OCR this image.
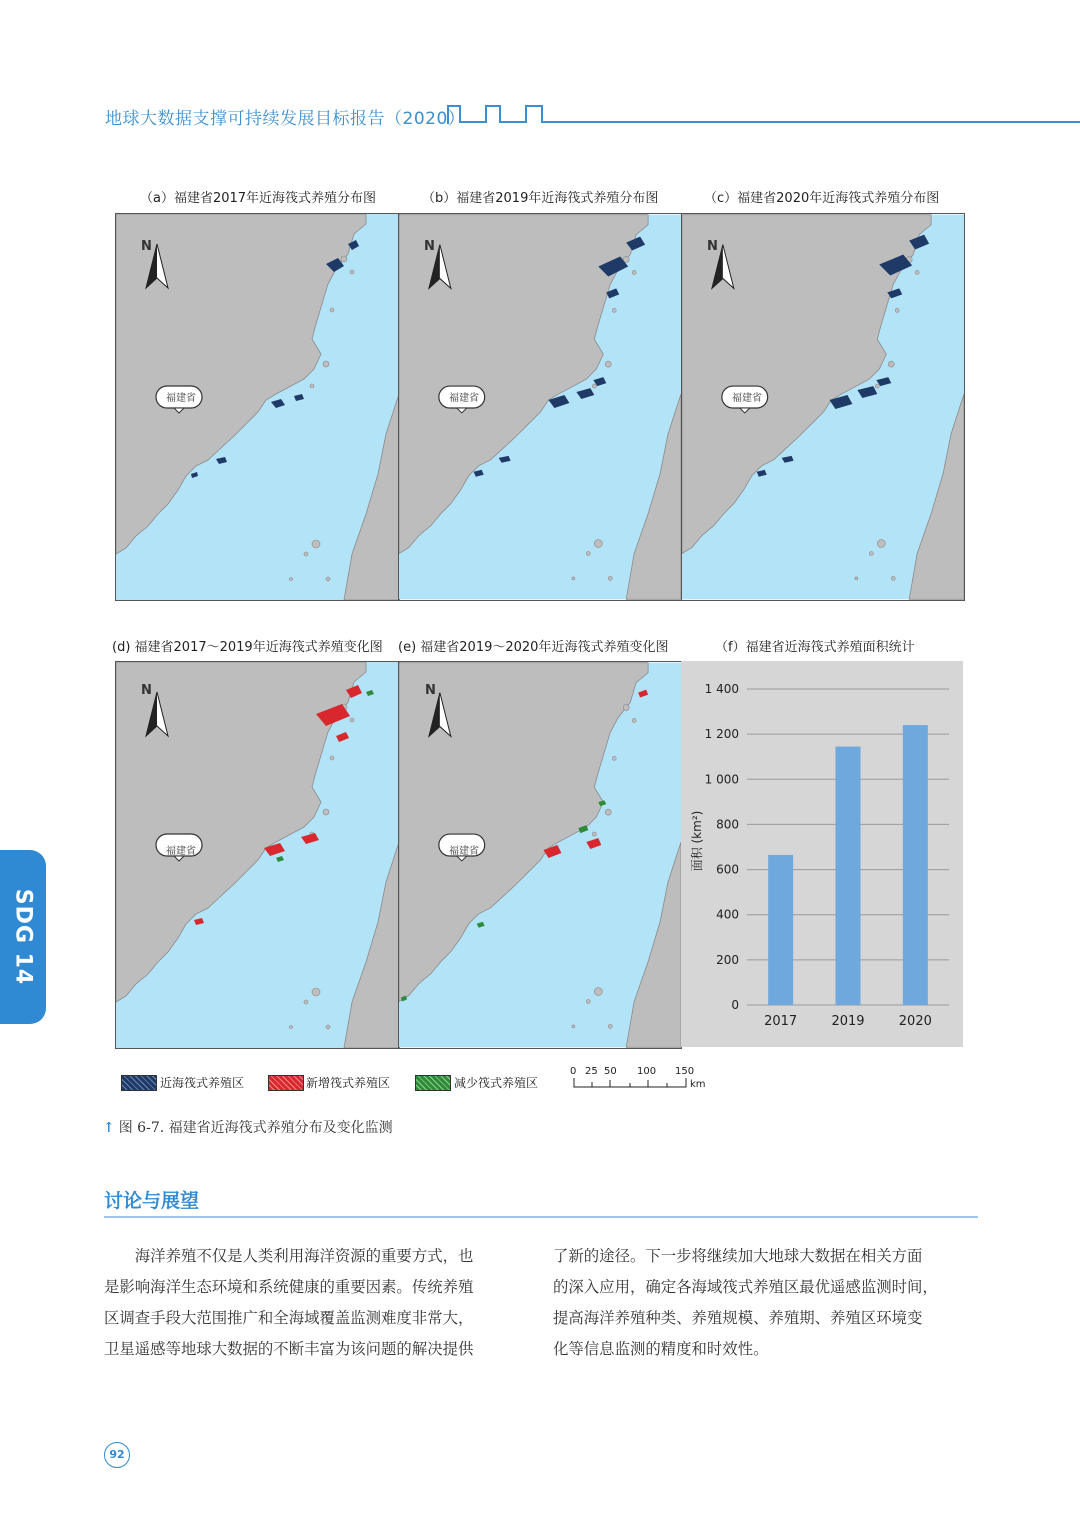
地球大数据支撑可持续发展目标报告（2020）
SDG 14
（a）福建省2017年近海筏式养殖分布图	（b）福建省2019年近海筏式养殖分布图	（c）福建省2020年近海筏式养殖分布图
(d) 福建省2017～2019年近海筏式养殖变化图 (e) 福建省2019～2020年近海筏式养殖变化图	（f）福建省近海筏式养殖面积统计
0
200
400
600
800
1 000
1 200
1 400
2017	2019	2020
面积 (km²)
N	N	N
N	N
福建省	福建省	福建省
福建省	福建省
近海筏式养殖区	新增筏式养殖区	减少筏式养殖区
0 25 50 100 150
km
↑ 图 6-7. 福建省近海筏式养殖分布及变化监测
讨论与展望

　　海洋养殖不仅是人类利用海洋资源的重要方式，也

是影响海洋生态环境和系统健康的重要因素。传统养殖

区调查手段大范围推广和全海域覆盖监测难度非常大，

卫星遥感等地球大数据的不断丰富为该问题的解决提供

了新的途径。下一步将继续加大地球大数据在相关方面

的深入应用，确定各海域筏式养殖区最优遥感监测时间，

提高海洋养殖种类、养殖规模、养殖期、养殖区环境变

化等信息监测的精度和时效性。

92
